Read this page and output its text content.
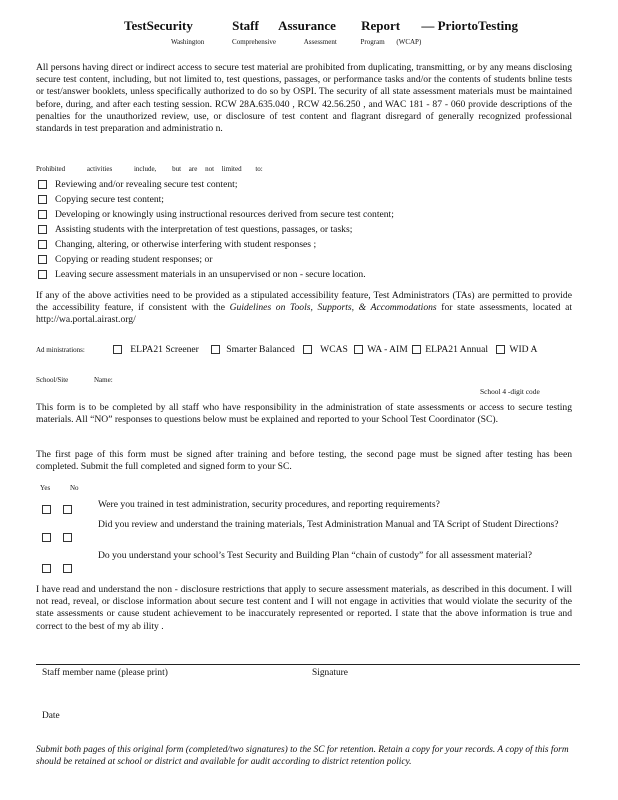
TestSecurity	Staff Assurance Report — PriortoTesting
Washington	Comprehensive	Assessment	Program (WCAP)
All persons having direct or indirect access to secure test material are prohibited from duplicating, transmitting, or by any means disclosing secure test content, including, but not limited to, test questions, passages, or performance tasks and/or the contents of students bnline tests or test/answer booklets, unless specifically authorized to do so by OSPI. The security of all state assessment materials must be maintained before, during, and after each testing session. RCW 28A.635.040 , RCW 42.56.250 , and WAC 181 - 87 - 060 provide descriptions of the penalties for the unauthorized review, use, or disclosure of test content and flagrant disregard of generally recognized professional standards in test preparation and administratio n.
Prohibited	activities	include, but are not limited to:
Reviewing and/or revealing secure test content;
Copying secure test content;
Developing or knowingly using instructional resources derived from secure test content;
Assisting students with the interpretation of test questions, passages, or tasks;
Changing, altering, or otherwise interfering with student responses ;
Copying or reading student responses; or
Leaving secure assessment materials in an unsupervised or non - secure location.
If any of the above activities need to be provided as a stipulated accessibility feature, Test Administrators (TAs) are permitted to provide the accessibility feature, if consistent with the Guidelines on Tools, Supports, & Accommodations for state assessments, located at http://wa.portal.airast.org/
Ad ministrations:	ELPA21 Screener	Smarter Balanced	WCAS WA - AIM ELPA21 Annual WID A
School/Site	Name:
School 4 -digit code
This form is to be completed by all staff who have responsibility in the administration of state assessments or access to secure testing materials. All “NO” responses to questions below must be explained and reported to your School Test Coordinator (SC).
The first page of this form must be signed after training and before testing, the second page must be signed after testing has been completed. Submit the full completed and signed form to your SC.
Yes	No
Were you trained in test administration, security procedures, and reporting requirements?
Did you review and understand the training materials, Test Administration Manual and TA Script of Student Directions?
Do you understand your school’s Test Security and Building Plan “chain of custody” for all assessment material?
I have read and understand the non - disclosure restrictions that apply to secure assessment materials, as described in this document. I will not read, reveal, or disclose information about secure test content and I will not engage in activities that would violate the security of the state assessments or cause student achievement to be inaccurately represented or reported. I state that the above information is true and correct to the best of my ab ility .
Staff member name (please print)	Signature
Date
Submit both pages of this original form (completed/two signatures) to the SC for retention. Retain a copy for your records. A copy of this form should be retained at school or district and available for audit according to district retention policy.
